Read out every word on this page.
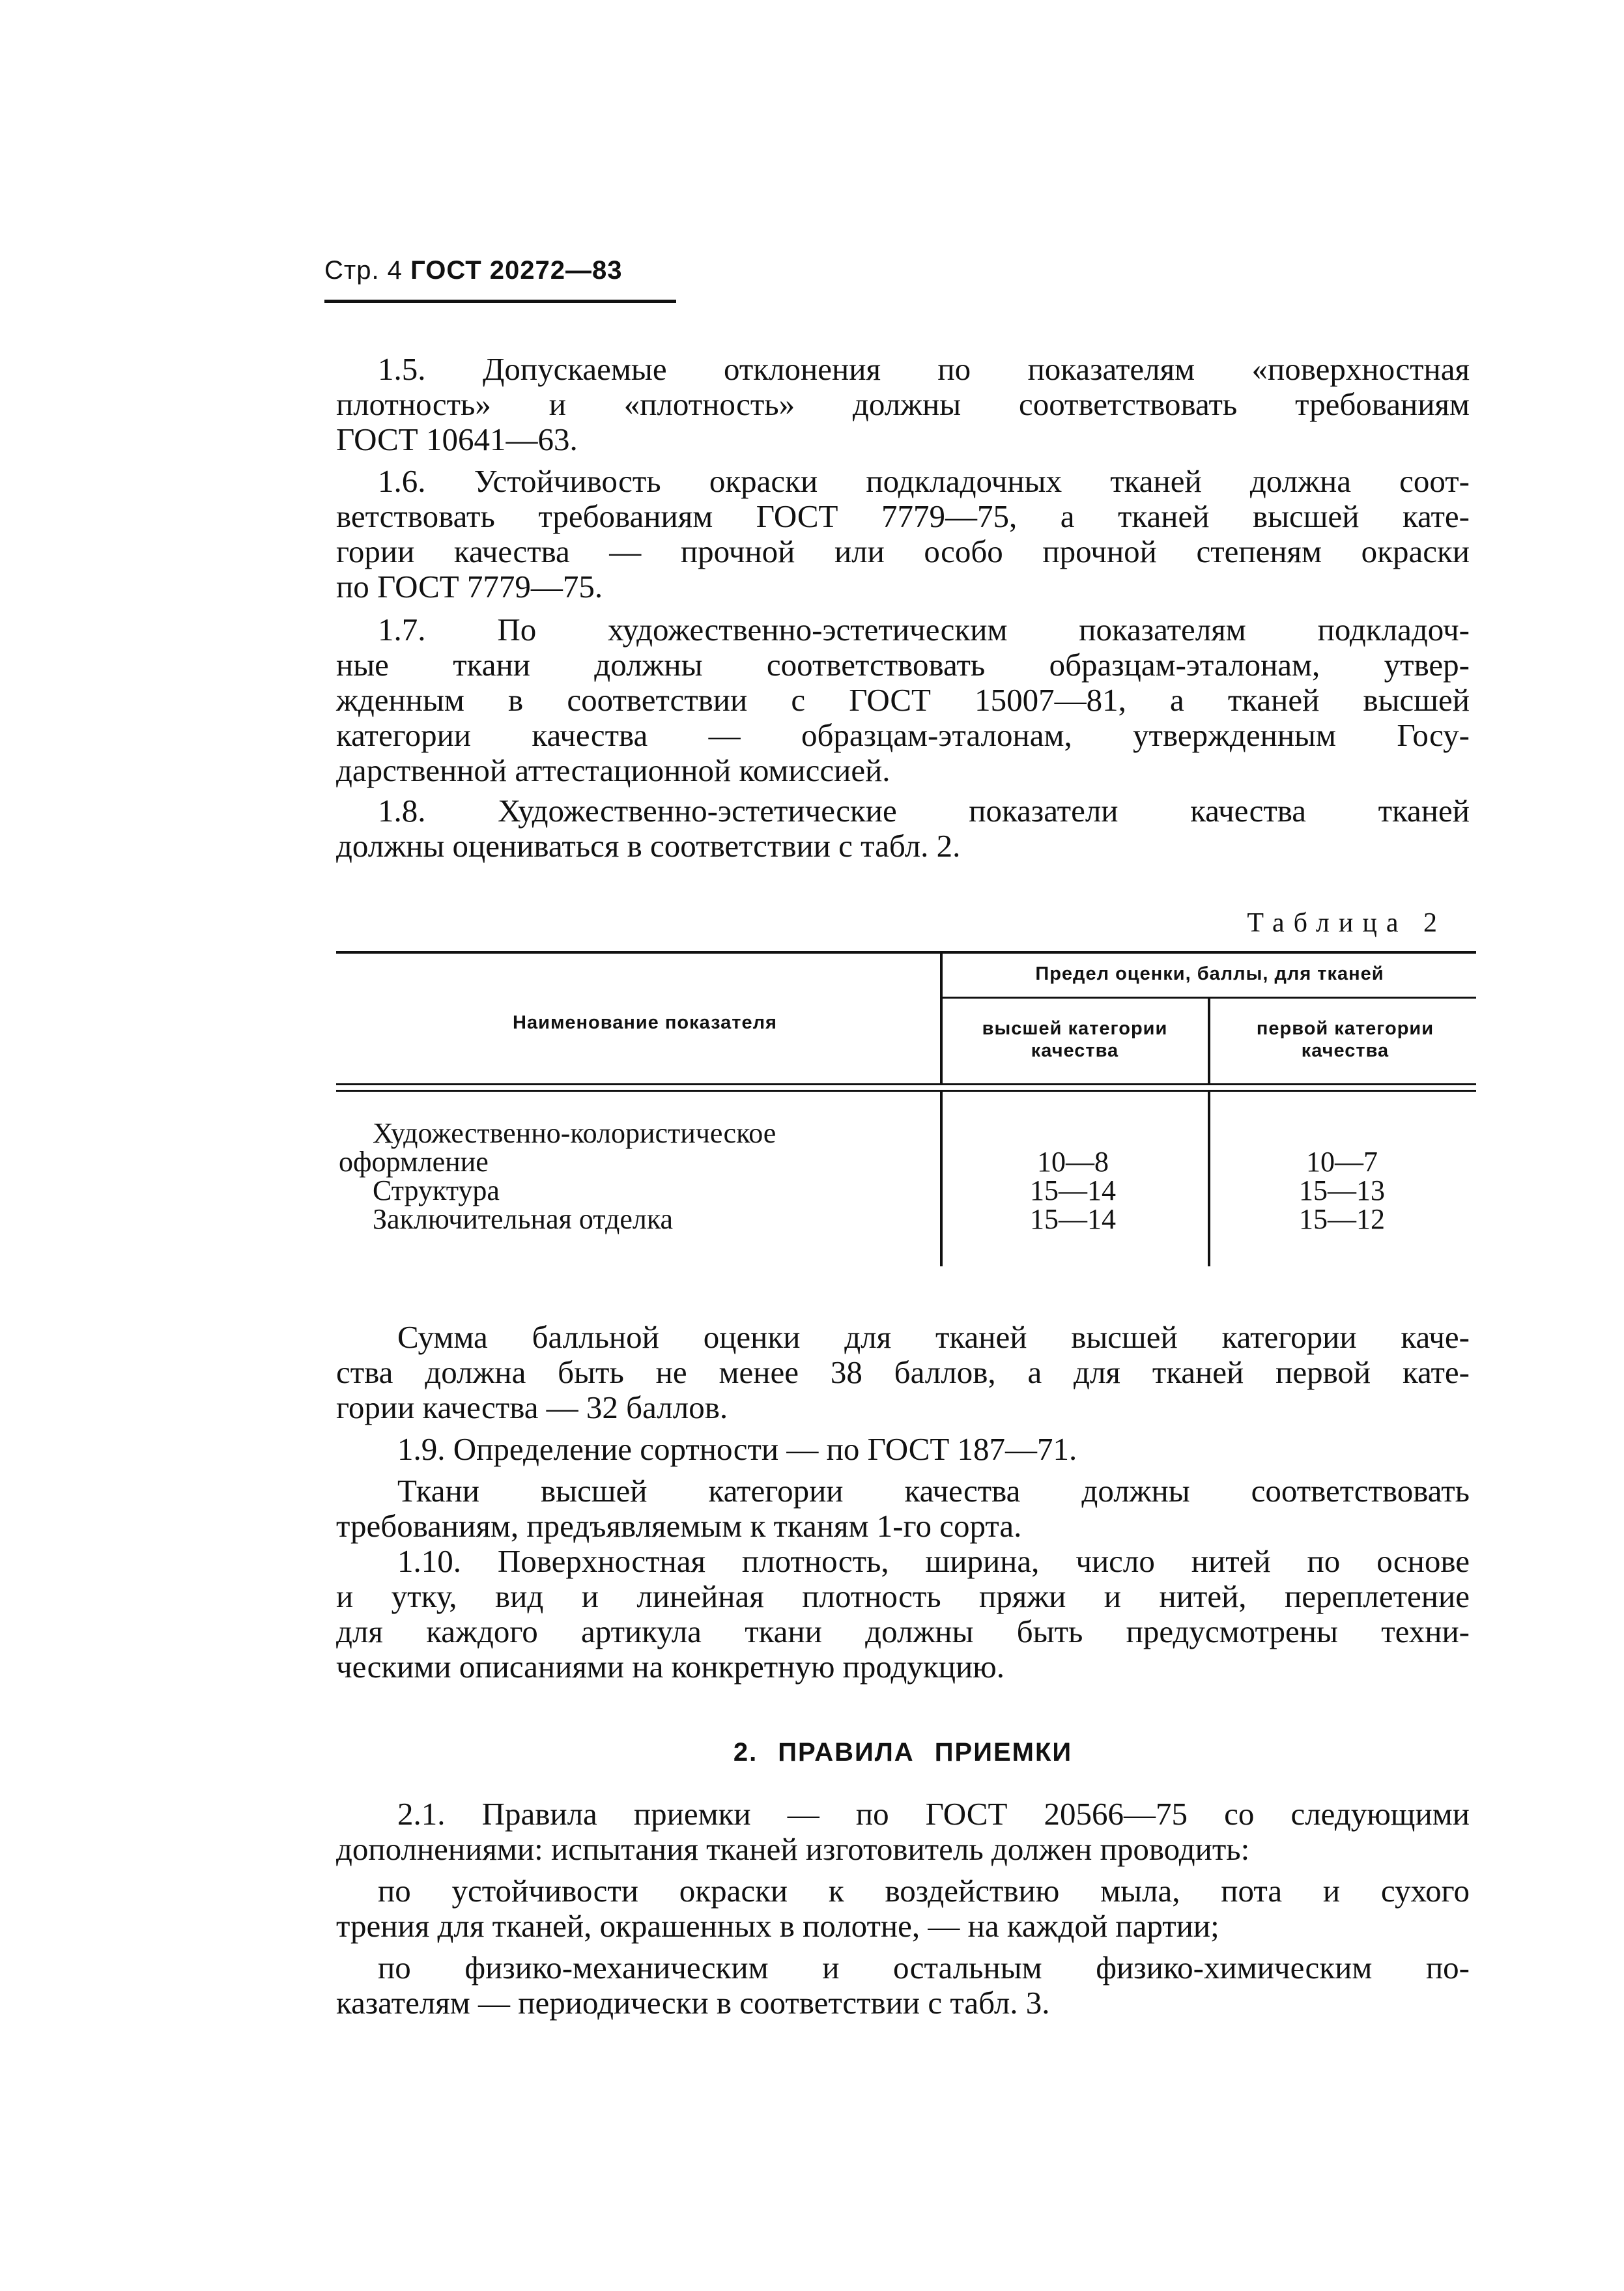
Стр. 4 ГОСТ 20272—83
1.5. Допускаемые отклонения по показателям «поверхностная
плотность» и «плотность» должны соответствовать требованиям
ГОСТ 10641—63.
1.6. Устойчивость окраски подкладочных тканей должна соот-
ветствовать требованиям ГОСТ 7779—75, а тканей высшей кате-
гории качества — прочной или особо прочной степеням окраски
по ГОСТ 7779—75.
1.7. По художественно-эстетическим показателям подкладоч-
ные ткани должны соответствовать образцам-эталонам, утвер-
жденным в соответствии с ГОСТ 15007—81, а тканей высшей
категории качества — образцам-эталонам, утвержденным Госу-
дарственной аттестационной комиссией.
1.8. Художественно-эстетические показатели качества тканей
должны оцениваться в соответствии с табл. 2.
Таблица 2
Наименование показателя
Предел оценки, баллы, для тканей
высшей категории качества
первой категории качества
Художественно-колористическое
оформление	10—8	10—7
Структура	15—14	15—13
Заключительная отделка	15—14	15—12
Сумма балльной оценки для тканей высшей категории каче-
ства должна быть не менее 38 баллов, а для тканей первой кате-
гории качества — 32 баллов.
1.9. Определение сортности — по ГОСТ 187—71.
Ткани высшей категории качества должны соответствовать
требованиям, предъявляемым к тканям 1-го сорта.
1.10. Поверхностная плотность, ширина, число нитей по основе
и утку, вид и линейная плотность пряжи и нитей, переплетение
для каждого артикула ткани должны быть предусмотрены техни-
ческими описаниями на конкретную продукцию.
2. ПРАВИЛА ПРИЕМКИ
2.1. Правила приемки — по ГОСТ 20566—75 со следующими
дополнениями: испытания тканей изготовитель должен проводить:
по устойчивости окраски к воздействию мыла, пота и сухого
трения для тканей, окрашенных в полотне, — на каждой партии;
по физико-механическим и остальным физико-химическим по-
казателям — периодически в соответствии с табл. 3.
